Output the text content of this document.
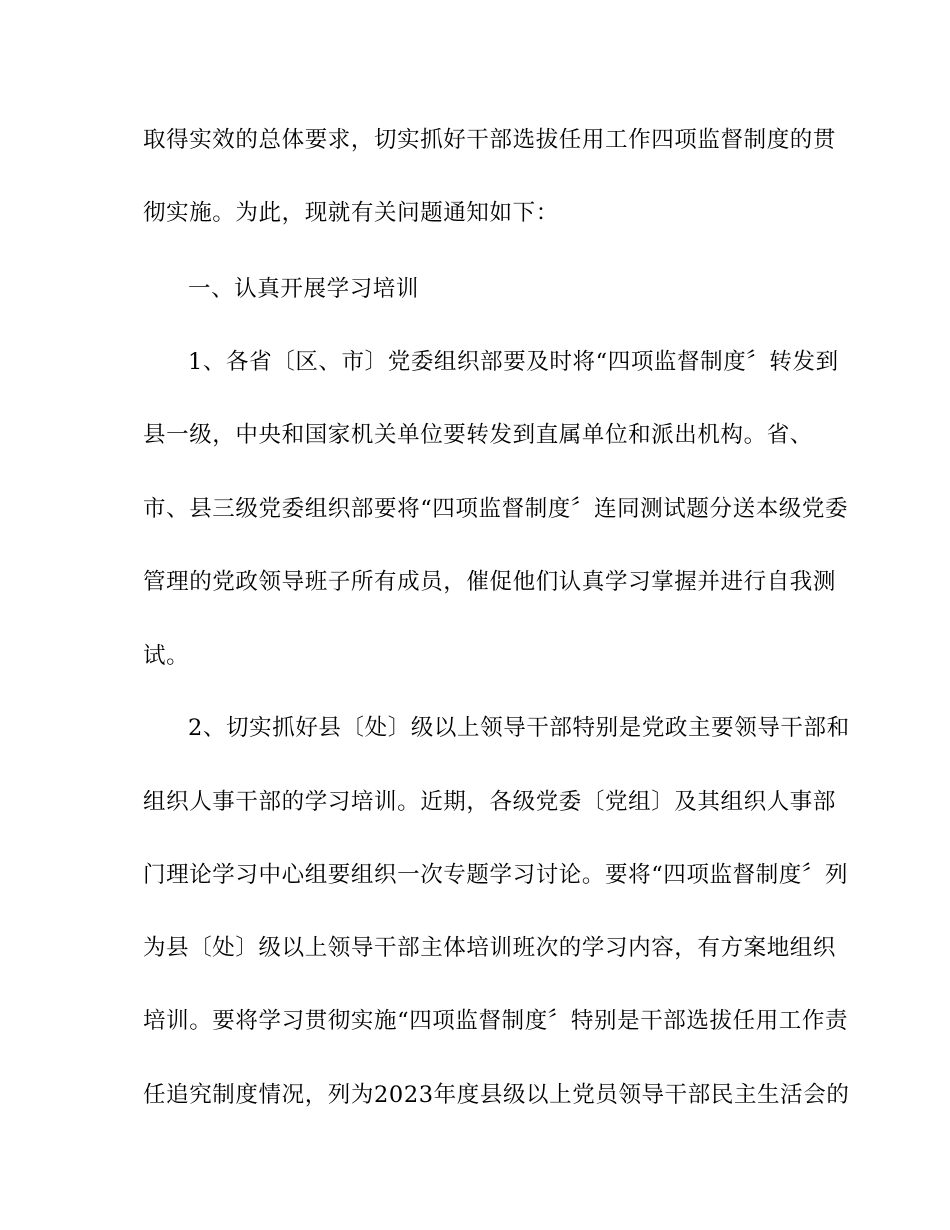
取得实效的总体要求，切实抓好干部选拔任用工作四项监督制度的贯
彻实施。为此，现就有关问题通知如下：
一、认真开展学习培训
1、各省〔区、市〕党委组织部要及时将“四项监督制度〞转发到
县一级，中央和国家机关单位要转发到直属单位和派出机构。省、
市、县三级党委组织部要将“四项监督制度〞连同测试题分送本级党委
管理的党政领导班子所有成员，催促他们认真学习掌握并进行自我测
试。
2、切实抓好县〔处〕级以上领导干部特别是党政主要领导干部和
组织人事干部的学习培训。近期，各级党委〔党组〕及其组织人事部
门理论学习中心组要组织一次专题学习讨论。要将“四项监督制度〞列
为县〔处〕级以上领导干部主体培训班次的学习内容，有方案地组织
培训。要将学习贯彻实施“四项监督制度〞特别是干部选拔任用工作责
任追究制度情况，列为2023年度县级以上党员领导干部民主生活会的
